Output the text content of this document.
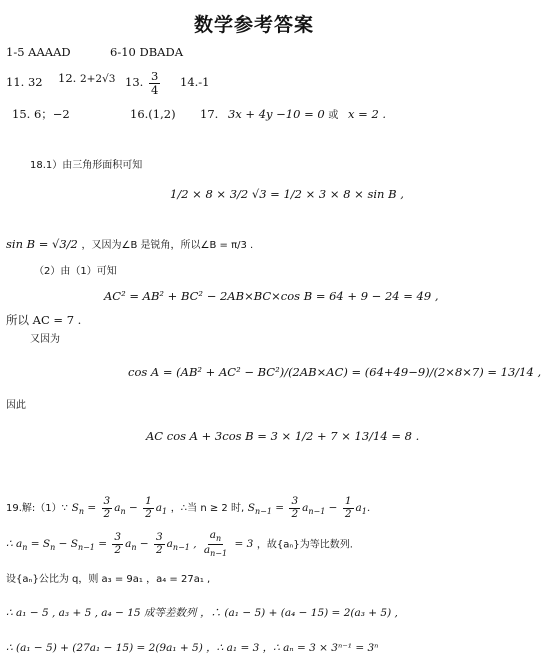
数学参考答案
1-5 AAAAD	6-10 DBADA
11. 32 12. 2+2√3 13. $\frac{3}{4} 14.-1$
15. 6；−2	16.(1,2) 17. 3x + 4y −10 = 0 或 x = 2 .
18.1）由三角形面积可知
1/2 × 8 × 3/2 √3 = 1/2 × 3 × 8 × sin B ,
sin B = √3/2 ，又因为∠B 是锐角，所以∠B = π/3 .
（2）由（1）可知
AC² = AB² + BC² − 2AB×BC×cos B = 64 + 9 − 24 = 49 ,
所以 AC = 7 .
又因为
cos A = (AB² + AC² − BC²)/(2AB×AC) = (64+49−9)/(2×8×7) = 13/14 ,
因此
AC cos A + 3cos B = 3 × 1/2 + 7 × 13/14 = 8 .
19.解:（1）∵ $S_n = \frac{3}{2} a_n - \frac{1}{2} a_1$ ，∴当 n ≥ 2 时, $S_{n-1} = \frac{3}{2} a_{n-1} - \frac{1}{2} a_1$.
∴ $a_n = S_n - S_{n-1} = \frac{3}{2} a_n - \frac{3}{2} a_{n-1}$ , $\frac{a_n}{a_{n-1}} = 3$ ，故{aₙ}为等比数列.
设{aₙ}公比为 q，则 a₃ = 9a₁ ，a₄ = 27a₁ ,
∴ a₁ − 5 , a₃ + 5 , a₄ − 15 成等差数列 ，∴ (a₁ − 5) + (a₄ − 15) = 2(a₃ + 5) ,
∴ (a₁ − 5) + (27a₁ − 15) = 2(9a₁ + 5) ，∴ a₁ = 3 ，∴ aₙ = 3 × 3ⁿ⁻¹ = 3ⁿ
